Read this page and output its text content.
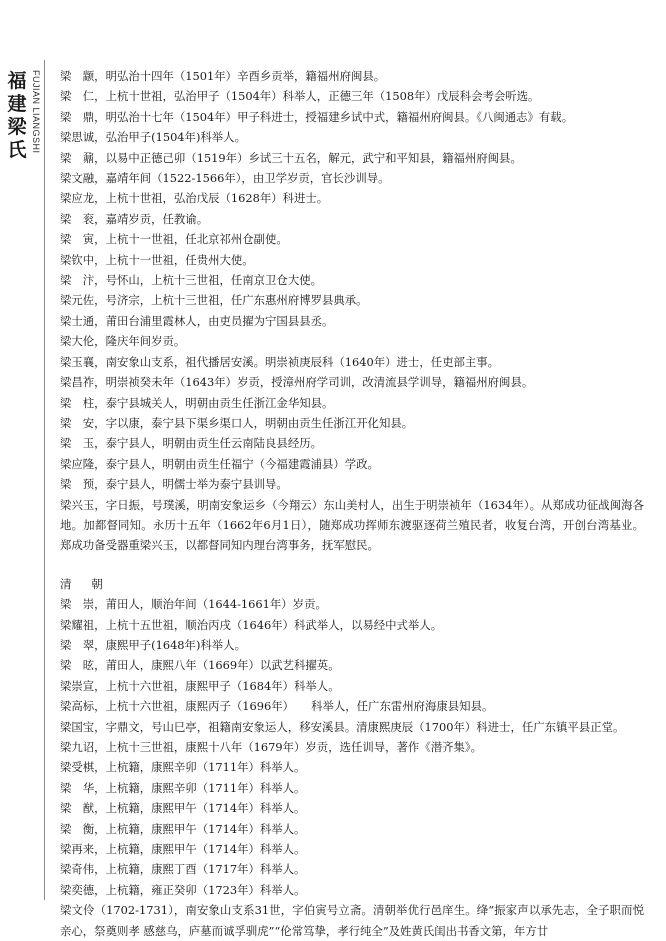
福
建
梁
氏 FUJIAN LIANGSHI 梁　颛，明弘治十四年（1501年）辛酉乡贡举，籍福州府闽县。

梁　仁，上杭十世祖，弘治甲子（1504年）科举人，正德三年（1508年）戊辰科会考会听选。

梁　鼎，明弘治十七年（1504年）甲子科进士，授福建乡试中式，籍福州府闽县。《八闽通志》有载。

梁思诚，弘治甲子(1504年)科举人。

梁　鼐，以易中正德己卯（1519年）乡试三十五名，解元，武宁和平知县，籍福州府闽县。

梁文融，嘉靖年间（1522-1566年），由卫学岁贡，官长沙训导。

梁应龙，上杭十世祖，弘治戊辰（1628年）科进士。

梁　衮，嘉靖岁贡，任教谕。

梁　寅，上杭十一世祖，任北京祁州仓副使。

梁钦中，上杭十一世祖，任贵州大使。

梁　汴，号怀山，上杭十三世祖，任南京卫仓大使。

梁元佐，号济宗，上杭十三世祖，任广东惠州府博罗县典承。

梁士通，莆田台浦里霞林人，由吏员擢为宁国县县丞。

梁大伦，隆庆年间岁贡。

梁玉襄，南安象山支系，祖代播居安溪。明崇祯庚辰科（1640年）进士，任吏部主事。

梁昌祚，明崇祯癸未年（1643年）岁贡，授漳州府学司训，改清流县学训导，籍福州府闽县。

梁　柱，泰宁县城关人，明朝由贡生任浙江金华知县。

梁　安，字以康，泰宁县下渠乡渠口人，明朝由贡生任浙江开化知县。

梁　玉，泰宁县人，明朝由贡生任云南陆良县经历。

梁应隆，泰宁县人，明朝由贡生任福宁（今福建霞浦县）学政。

梁　预，泰宁县人，明儒士举为泰宁县训导。

梁兴玉，字日振，号璞溪，明南安象运乡（今翔云）东山美村人，出生于明崇祯年（1634年）。从郑成功征战闽海各地。加都督同知。永历十五年（1662年6月1日），随郑成功挥师东渡驱逐荷兰殖民者，收复台湾，开创台湾基业。郑成功备受器重梁兴玉，以都督同知内理台湾事务，抚军慰民。

清　朝

梁　崇，莆田人，顺治年间（1644-1661年）岁贡。

梁耀祖，上杭十五世祖，顺治丙戌（1646年）科武举人，以易经中式举人。

梁　翠，康熙甲子(1648年)科举人。

梁　昡，莆田人，康熙八年（1669年）以武艺科擢英。

梁崇宣，上杭十六世祖，康熙甲子（1684年）科举人。

梁高标，上杭十六世祖，康熙丙子（1696年）　　科举人，任广东雷州府海康县知县。

梁国宝，字鼎文，号山巳亭，祖籍南安象运人，移安溪县。清康熙庚辰（1700年）科进士，任广东镇平县正堂。

梁九诏，上杭十三世祖，康熙十八年（1679年）岁贡，选任训导，著作《潜齐集》。

梁受棋，上杭籍，康熙辛卯（1711年）科举人。

梁　华，上杭籍，康熙辛卯（1711年）科举人。

梁　猷，上杭籍，康熙甲午（1714年）科举人。

梁　衡，上杭籍，康熙甲午（1714年）科举人。

梁再来，上杭籍，康熙甲午（1714年）科举人。

梁奇伟，上杭籍，康熙丁酉（1717年）科举人。

梁奕德，上杭籍，雍正癸卯（1723年）科举人。

梁文伶（1702-1731），南安象山支系31世，字伯寅号立斋。清朝举优行邑庠生。绛“振家声以承先志，全子职而悦亲心，祭奠则孝 感慈乌，庐墓而诚孚驯虎”“伦常笃挚，孝行纯全”及姓黄氏闺出书香文第，年方廿
